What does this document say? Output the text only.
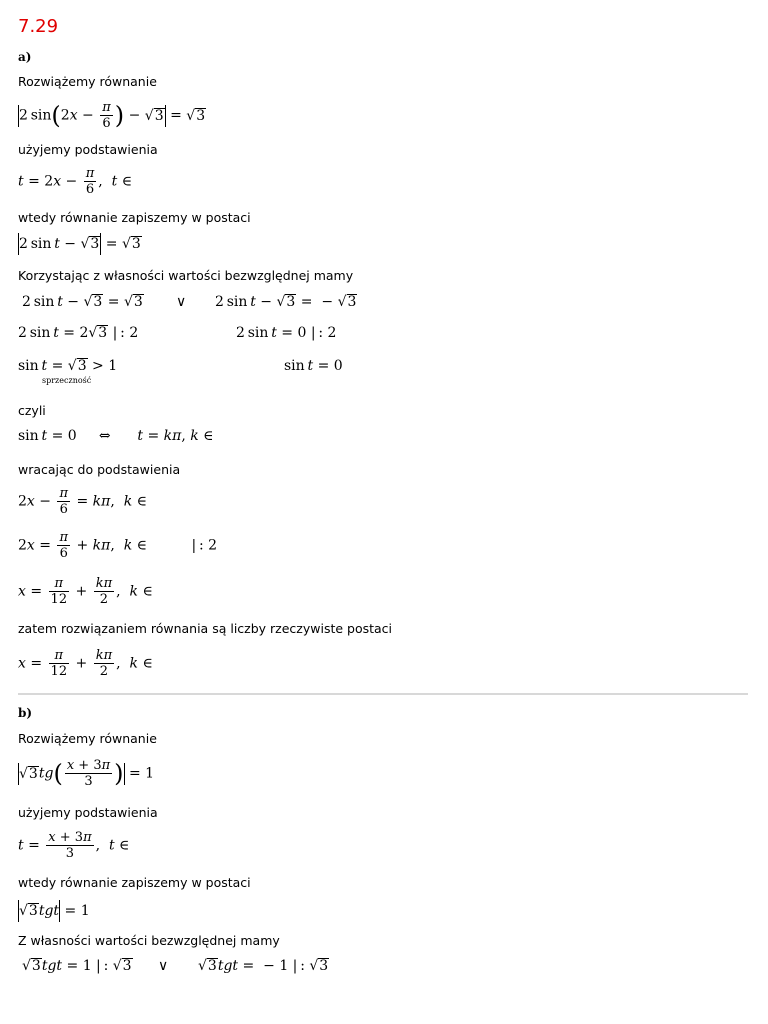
7.29
a)
Rozwiążemy równanie
2 $\sin(2x - \frac{\pi}{6}$ ) − √3 = √3
użyjemy podstawienia
$t = 2x - \frac{\pi}{6}$ ,  t ∈
wtedy równanie zapiszemy w postaci
2 sin t − √3 = √3
Korzystając z własności wartości bezwzględnej mamy
2 sin t − √3 = √3 ∨ 2 sin t − √3 =  − √3
2 sin t = 2√3 | : 2	2 sin t = 0 | : 2
sin t = √3 > 1
sprzeczność
sin t = 0
czyli
sin t = 0     ⇔      t = kπ, k ∈
wracając do podstawienia
$2x - \frac{\pi}{6} = k\pi$,  k ∈
$2x = \frac{\pi}{6} + k\pi$,  k ∈          | : 2
$x = \frac{\pi}{12} + \frac{k\pi}{2}$ ,  k ∈
zatem rozwiązaniem równania są liczby rzeczywiste postaci
$x = \frac{\pi}{12} + \frac{k\pi}{2}$ ,  k ∈
b)
Rozwiążemy równanie
$√3tg( \frac{x + 3\pi}{3}$ ) = 1
użyjemy podstawienia
$t = \frac{x + 3\pi}{3}$ ,  t ∈
wtedy równanie zapiszemy w postaci
√3tgt = 1
Z własności wartości bezwzględnej mamy
√3tgt = 1 | : √3 ∨ √3tgt =  − 1 | : √3
